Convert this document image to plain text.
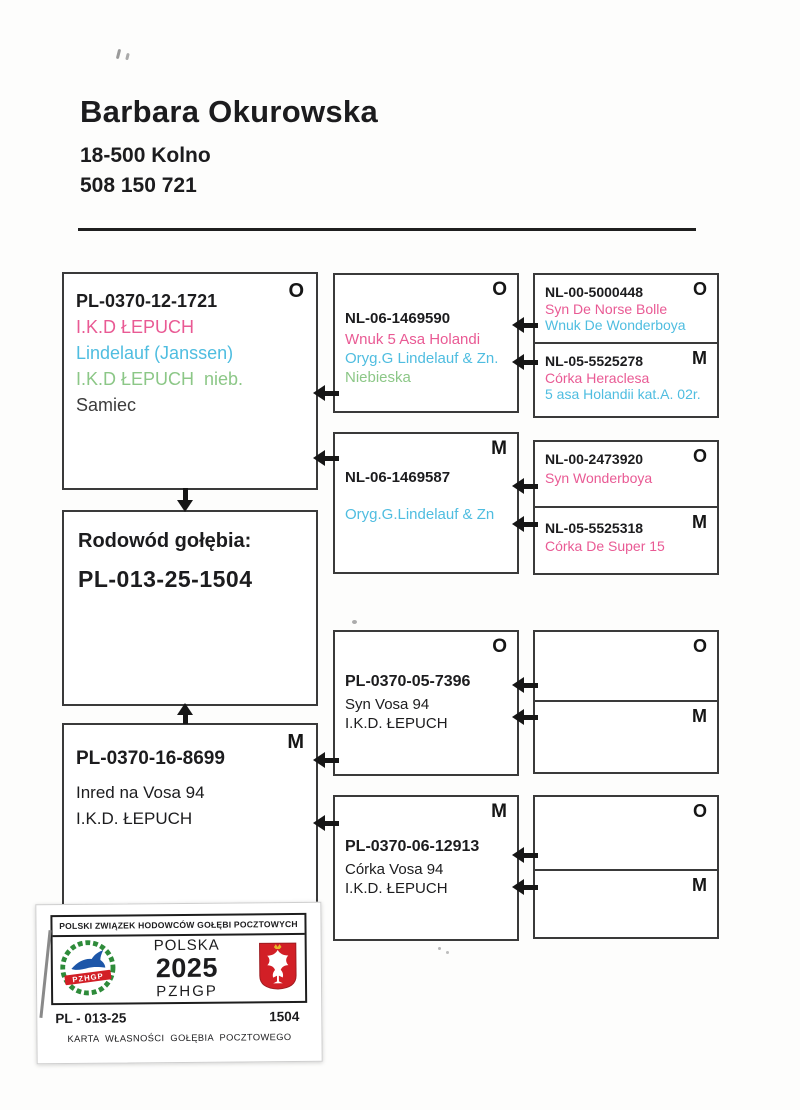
Barbara Okurowska
18-500 Kolno
508 150 721
O
PL-0370-12-1721
I.K.D ŁEPUCH
Lindelauf (Janssen)
I.K.D ŁEPUCH  nieb.
Samiec
Rodowód gołębia:
PL-013-25-1504
M
PL-0370-16-8699
Inred na Vosa 94
I.K.D. ŁEPUCH
O
NL-06-1469590
Wnuk 5 Asa Holandi
Oryg.G Lindelauf & Zn.
Niebieska
M
NL-06-1469587
Oryg.G.Lindelauf & Zn
O
PL-0370-05-7396
Syn Vosa 94
I.K.D. ŁEPUCH
M
PL-0370-06-12913
Córka Vosa 94
I.K.D. ŁEPUCH
O
NL-00-5000448
Syn De Norse Bolle
Wnuk De Wonderboya
M
NL-05-5525278
Córka Heraclesa
5 asa Holandii kat.A. 02r.
O
NL-00-2473920
Syn Wonderboya
M
NL-05-5525318
Córka De Super 15
O
M
O
M
POLSKI ZWIĄZEK HODOWCÓW GOŁĘBI POCZTOWYCH
PZHGP
POLSKA
2025
PZHGP
PL - 013-25	1504
KARTA  WŁASNOŚCI  GOŁĘBIA  POCZTOWEGO
